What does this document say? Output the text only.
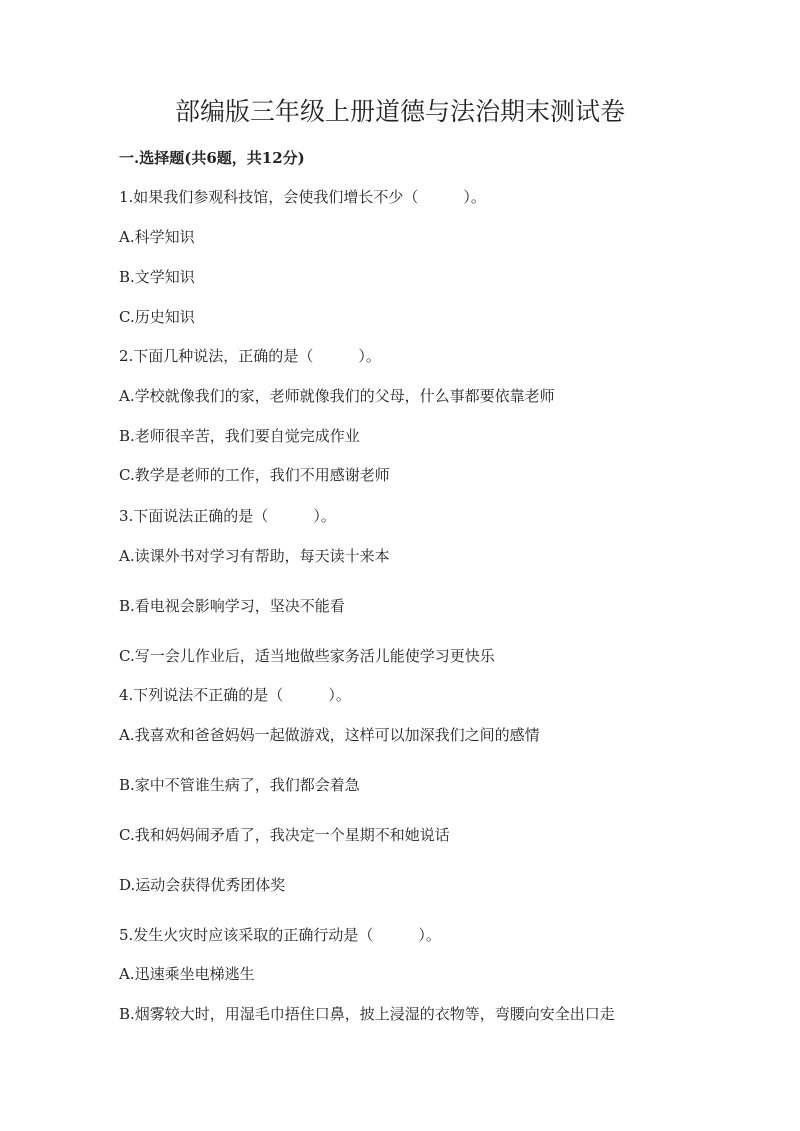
部编版三年级上册道德与法治期末测试卷
一.选择题(共6题，共12分)
1.如果我们参观科技馆，会使我们增长不少（　　　）。
A.科学知识
B.文学知识
C.历史知识
2.下面几种说法，正确的是（　　　）。
A.学校就像我们的家，老师就像我们的父母，什么事都要依靠老师
B.老师很辛苦，我们要自觉完成作业
C.教学是老师的工作，我们不用感谢老师
3.下面说法正确的是（　　　）。
A.读课外书对学习有帮助，每天读十来本
B.看电视会影响学习，坚决不能看
C.写一会儿作业后，适当地做些家务活儿能使学习更快乐
4.下列说法不正确的是（　　　）。
A.我喜欢和爸爸妈妈一起做游戏，这样可以加深我们之间的感情
B.家中不管谁生病了，我们都会着急
C.我和妈妈闹矛盾了，我决定一个星期不和她说话
D.运动会获得优秀团体奖
5.发生火灾时应该采取的正确行动是（　　　）。
A.迅速乘坐电梯逃生
B.烟雾较大时，用湿毛巾捂住口鼻，披上浸湿的衣物等，弯腰向安全出口走
